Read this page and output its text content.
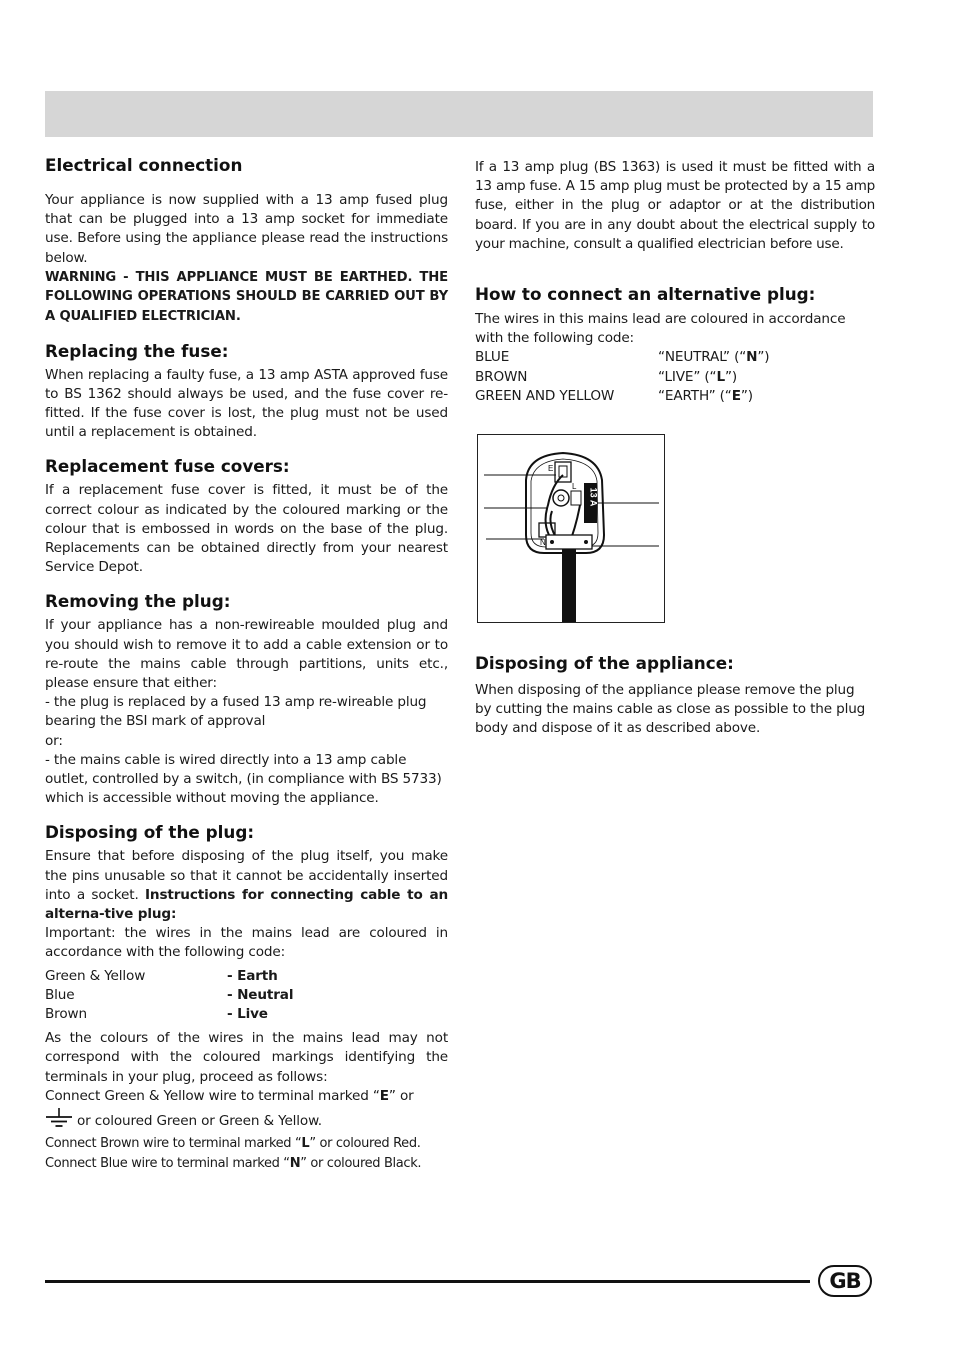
Electrical connection

Your appliance is now supplied with a 13 amp fused plug that can be plugged into a 13 amp socket for immediate use. Before using the appliance please read the instructions below.

WARNING - THIS APPLIANCE MUST BE EARTHED. THE FOLLOWING OPERATIONS SHOULD BE CARRIED OUT BY A QUALIFIED ELECTRICIAN.

Replacing the fuse:

When replacing a faulty fuse, a 13 amp ASTA approved fuse to BS 1362 should always be used, and the fuse cover re-fitted. If the fuse cover is lost, the plug must not be used until a replacement is obtained.

Replacement fuse covers:

If a replacement fuse cover is fitted, it must be of the correct colour as indicated by the coloured marking or the colour that is embossed in words on the base of the plug. Replacements can be obtained directly from your nearest Service Depot.

Removing the plug:

If your appliance has a non-rewireable moulded plug and you should wish to remove it to add a cable extension or to re-route the mains cable through partitions, units etc., please ensure that either:

- the plug is replaced by a fused 13 amp re-wireable plug bearing the BSI mark of approval

or:

- the mains cable is wired directly into a 13 amp cable outlet, controlled by a switch, (in compliance with BS 5733) which is accessible without moving the appliance.

Disposing of the plug:

Ensure that before disposing of the plug itself, you make the pins unusable so that it cannot be accidentally inserted into a socket. Instructions for connecting cable to an alterna-tive plug:

Important: the wires in the mains lead are coloured in accordance with the following code:

Green & Yellow	- Earth
Blue	- Neutral
Brown	- Live

As the colours of the wires in the mains lead may not correspond with the coloured markings identifying the terminals in your plug, proceed as follows:

Connect Green & Yellow wire to terminal marked “E” or

or coloured Green or Green & Yellow.

Connect Brown wire to terminal marked “L” or coloured Red.

Connect Blue wire to terminal marked “N” or coloured Black.

If a 13 amp plug (BS 1363) is used it must be fitted with a 13 amp fuse. A 15 amp plug must be protected by a 15 amp fuse, either in the plug or adaptor or at the distribution board. If you are in any doubt about the electrical supply to your machine, consult a qualified electrician before use.

How to connect an alternative plug:

The wires in this mains lead are coloured in accordance with the following code:

BLUE	“NEUTRAL” (“N”)
BROWN	“LIVE” (“L”)
GREEN AND YELLOW	“EARTH” (“E”)
Disposing of the appliance:

When disposing of the appliance please remove the plug by cutting the mains cable as close as possible to the plug body and dispose of it as described above.

13 A
E
L
N
GB
